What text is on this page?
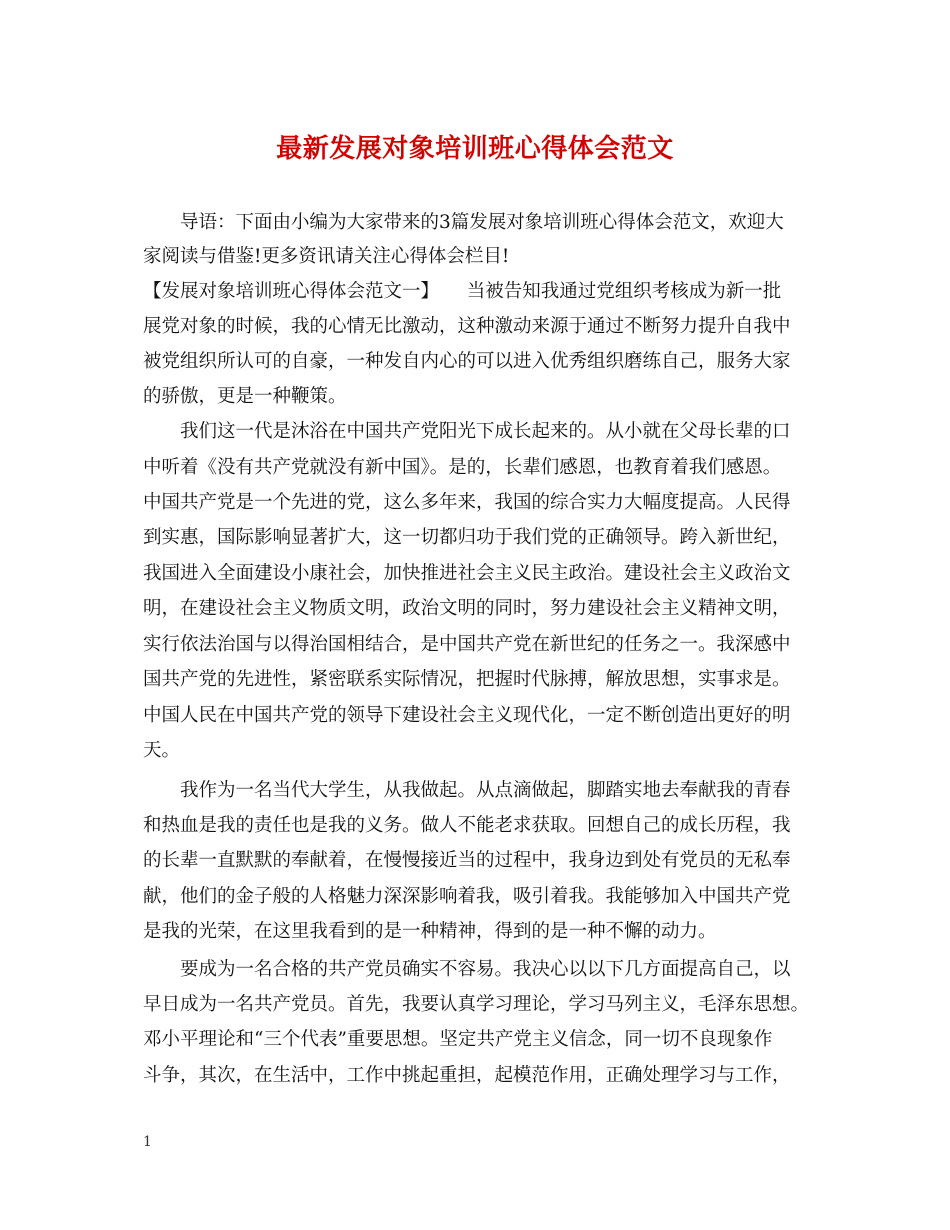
最新发展对象培训班心得体会范文
　　导语：下面由小编为大家带来的3篇发展对象培训班心得体会范文，欢迎大
家阅读与借鉴!更多资讯请关注心得体会栏目!
【发展对象培训班心得体会范文一】　　当被告知我通过党组织考核成为新一批
展党对象的时候，我的心情无比激动，这种激动来源于通过不断努力提升自我中
被党组织所认可的自豪，一种发自内心的可以进入优秀组织磨练自己，服务大家
的骄傲，更是一种鞭策。
　　我们这一代是沐浴在中国共产党阳光下成长起来的。从小就在父母长辈的口
中听着《没有共产党就没有新中国》。是的，长辈们感恩，也教育着我们感恩。
中国共产党是一个先进的党，这么多年来，我国的综合实力大幅度提高。人民得
到实惠，国际影响显著扩大，这一切都归功于我们党的正确领导。跨入新世纪，
我国进入全面建设小康社会，加快推进社会主义民主政治。建设社会主义政治文
明，在建设社会主义物质文明，政治文明的同时，努力建设社会主义精神文明，
实行依法治国与以得治国相结合，是中国共产党在新世纪的任务之一。我深感中
国共产党的先进性，紧密联系实际情况，把握时代脉搏，解放思想，实事求是。
中国人民在中国共产党的领导下建设社会主义现代化，一定不断创造出更好的明
天。
　　我作为一名当代大学生，从我做起。从点滴做起，脚踏实地去奉献我的青春
和热血是我的责任也是我的义务。做人不能老求获取。回想自己的成长历程，我
的长辈一直默默的奉献着，在慢慢接近当的过程中，我身边到处有党员的无私奉
献，他们的金子般的人格魅力深深影响着我，吸引着我。我能够加入中国共产党
是我的光荣，在这里我看到的是一种精神，得到的是一种不懈的动力。
　　要成为一名合格的共产党员确实不容易。我决心以以下几方面提高自己，以
早日成为一名共产党员。首先，我要认真学习理论，学习马列主义，毛泽东思想。
邓小平理论和“三个代表”重要思想。坚定共产党主义信念，同一切不良现象作
斗争，其次，在生活中，工作中挑起重担，起模范作用，正确处理学习与工作，
1
